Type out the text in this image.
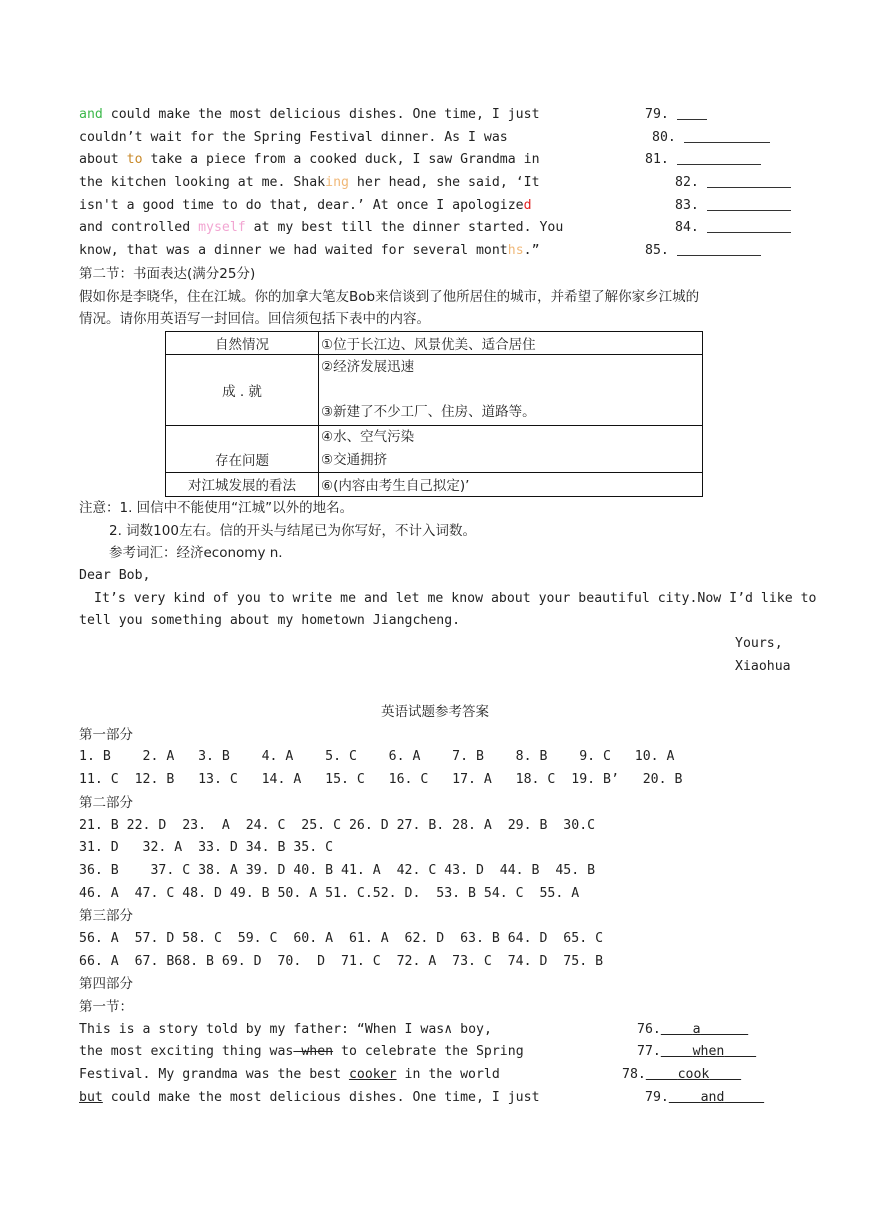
and could make the most delicious dishes. One time, I just	79.
couldn’t wait for the Spring Festival dinner. As I was	80.
about to take a piece from a cooked duck, I saw Grandma in	81.
the kitchen looking at me. Shaking her head, she said, ‘It	82.
isn't a good time to do that, dear.’ At once I apologized	83.
and controlled myself at my best till the dinner started. You	84.
know, that was a dinner we had waited for several months.”	85.
第二节：书面表达(满分25分)
假如你是李晓华，住在江城。你的加拿大笔友Bob来信谈到了他所居住的城市，并希望了解你家乡江城的
情况。请你用英语写一封回信。回信须包括下表中的内容。
自然情况	①位于长江边、风景优美、适合居住
成 . 就	②经济发展迅速

③新建了不少工厂、住房、道路等。

存在问题	④水、空气污染
⑤交通拥挤

对江城发展的看法	⑥(内容由考生自己拟定)’
注意：1. 回信中不能使用“江城”以外的地名。
2. 词数100左右。信的开头与结尾已为你写好，不计入词数。
参考词汇：经济economy n.
Dear Bob,
It’s very kind of you to write me and let me know about your beautiful city.Now I’d like to
tell you something about my hometown Jiangcheng.
Yours,
Xiaohua
英语试题参考答案
第一部分
1. B    2. A   3. B    4. A    5. C    6. A    7. B    8. B    9. C   10. A
11. C  12. B   13. C   14. A   15. C   16. C   17. A   18. C  19. B’   20. B
第二部分
21. B 22. D  23.  A  24. C  25. C 26. D 27. B. 28. A  29. B  30.C
31. D   32. A  33. D 34. B 35. C
36. B    37. C 38. A 39. D 40. B 41. A  42. C 43. D  44. B  45. B
46. A  47. C 48. D 49. B 50. A 51. C.52. D.  53. B 54. C  55. A
第三部分
56. A  57. D 58. C  59. C  60. A  61. A  62. D  63. B 64. D  65. C
66. A  67. B68. B 69. D  70.  D  71. C  72. A  73. C  74. D  75. B
第四部分
第一节：
This is a story told by my father: “When I was∧ boy,	76. a
the most exciting thing was when to celebrate the Spring	77. when
Festival. My grandma was the best cooker in the world	78. cook
but could make the most delicious dishes. One time, I just	79. and
